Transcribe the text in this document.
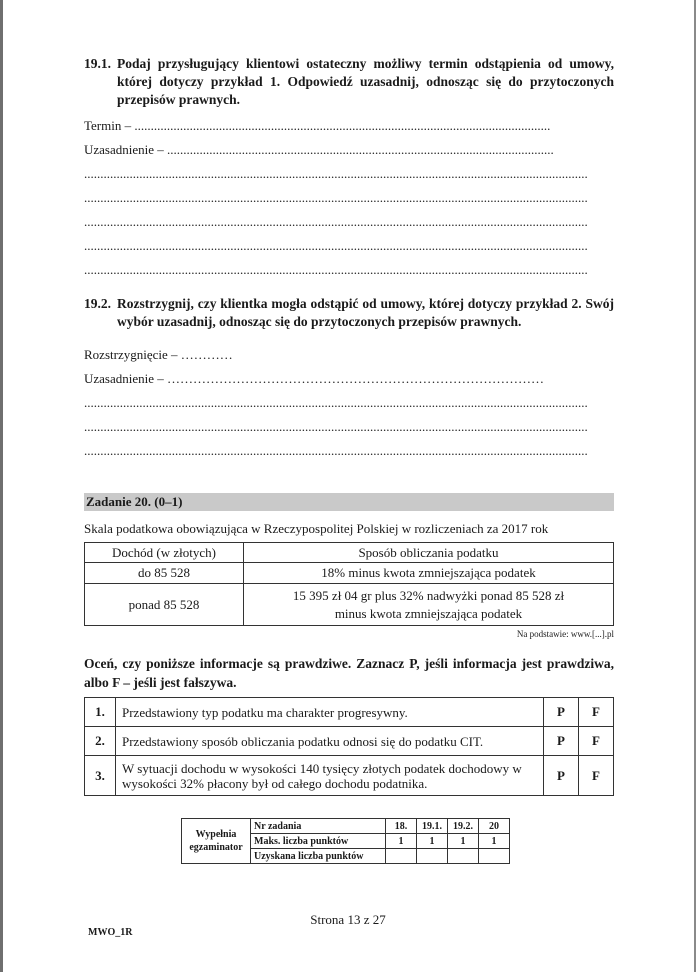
19.1. Podaj przysługujący klientowi ostateczny możliwy termin odstąpienia od umowy, której dotyczy przykład 1. Odpowiedź uzasadnij, odnosząc się do przytoczonych przepisów prawnych.
Termin – ................................................................................................................................
Uzasadnienie – .......................................................................................................................
...........................................................................................................................................................
...........................................................................................................................................................
...........................................................................................................................................................
...........................................................................................................................................................
...........................................................................................................................................................
19.2. Rozstrzygnij, czy klientka mogła odstąpić od umowy, której dotyczy przykład 2. Swój wybór uzasadnij, odnosząc się do przytoczonych przepisów prawnych.
Rozstrzygnięcie – …………
Uzasadnienie – ……………………………………………………………………………
...........................................................................................................................................................
...........................................................................................................................................................
...........................................................................................................................................................
Zadanie 20. (0–1)
Skala podatkowa obowiązująca w Rzeczypospolitej Polskiej w rozliczeniach za 2017 rok
Dochód (w złotych)	Sposób obliczania podatku
do 85 528	18% minus kwota zmniejszająca podatek
ponad 85 528	15 395 zł 04 gr plus 32% nadwyżki ponad 85 528 zł
minus kwota zmniejszająca podatek
Na podstawie: www.[...].pl
Oceń, czy poniższe informacje są prawdziwe. Zaznacz P, jeśli informacja jest prawdziwa, albo F – jeśli jest fałszywa.
1.	Przedstawiony typ podatku ma charakter progresywny.	P	F
2.	Przedstawiony sposób obliczania podatku odnosi się do podatku CIT.	P	F
3.	W sytuacji dochodu w wysokości 140 tysięcy złotych podatek dochodowy w wysokości 32% płacony był od całego dochodu podatnika.	P	F
Wypełnia
egzaminator	Nr zadania	18.	19.1.	19.2.	20
	Maks. liczba punktów	1	1	1	1
	Uzyskana liczba punktów				
Strona 13 z 27
MWO_1R
